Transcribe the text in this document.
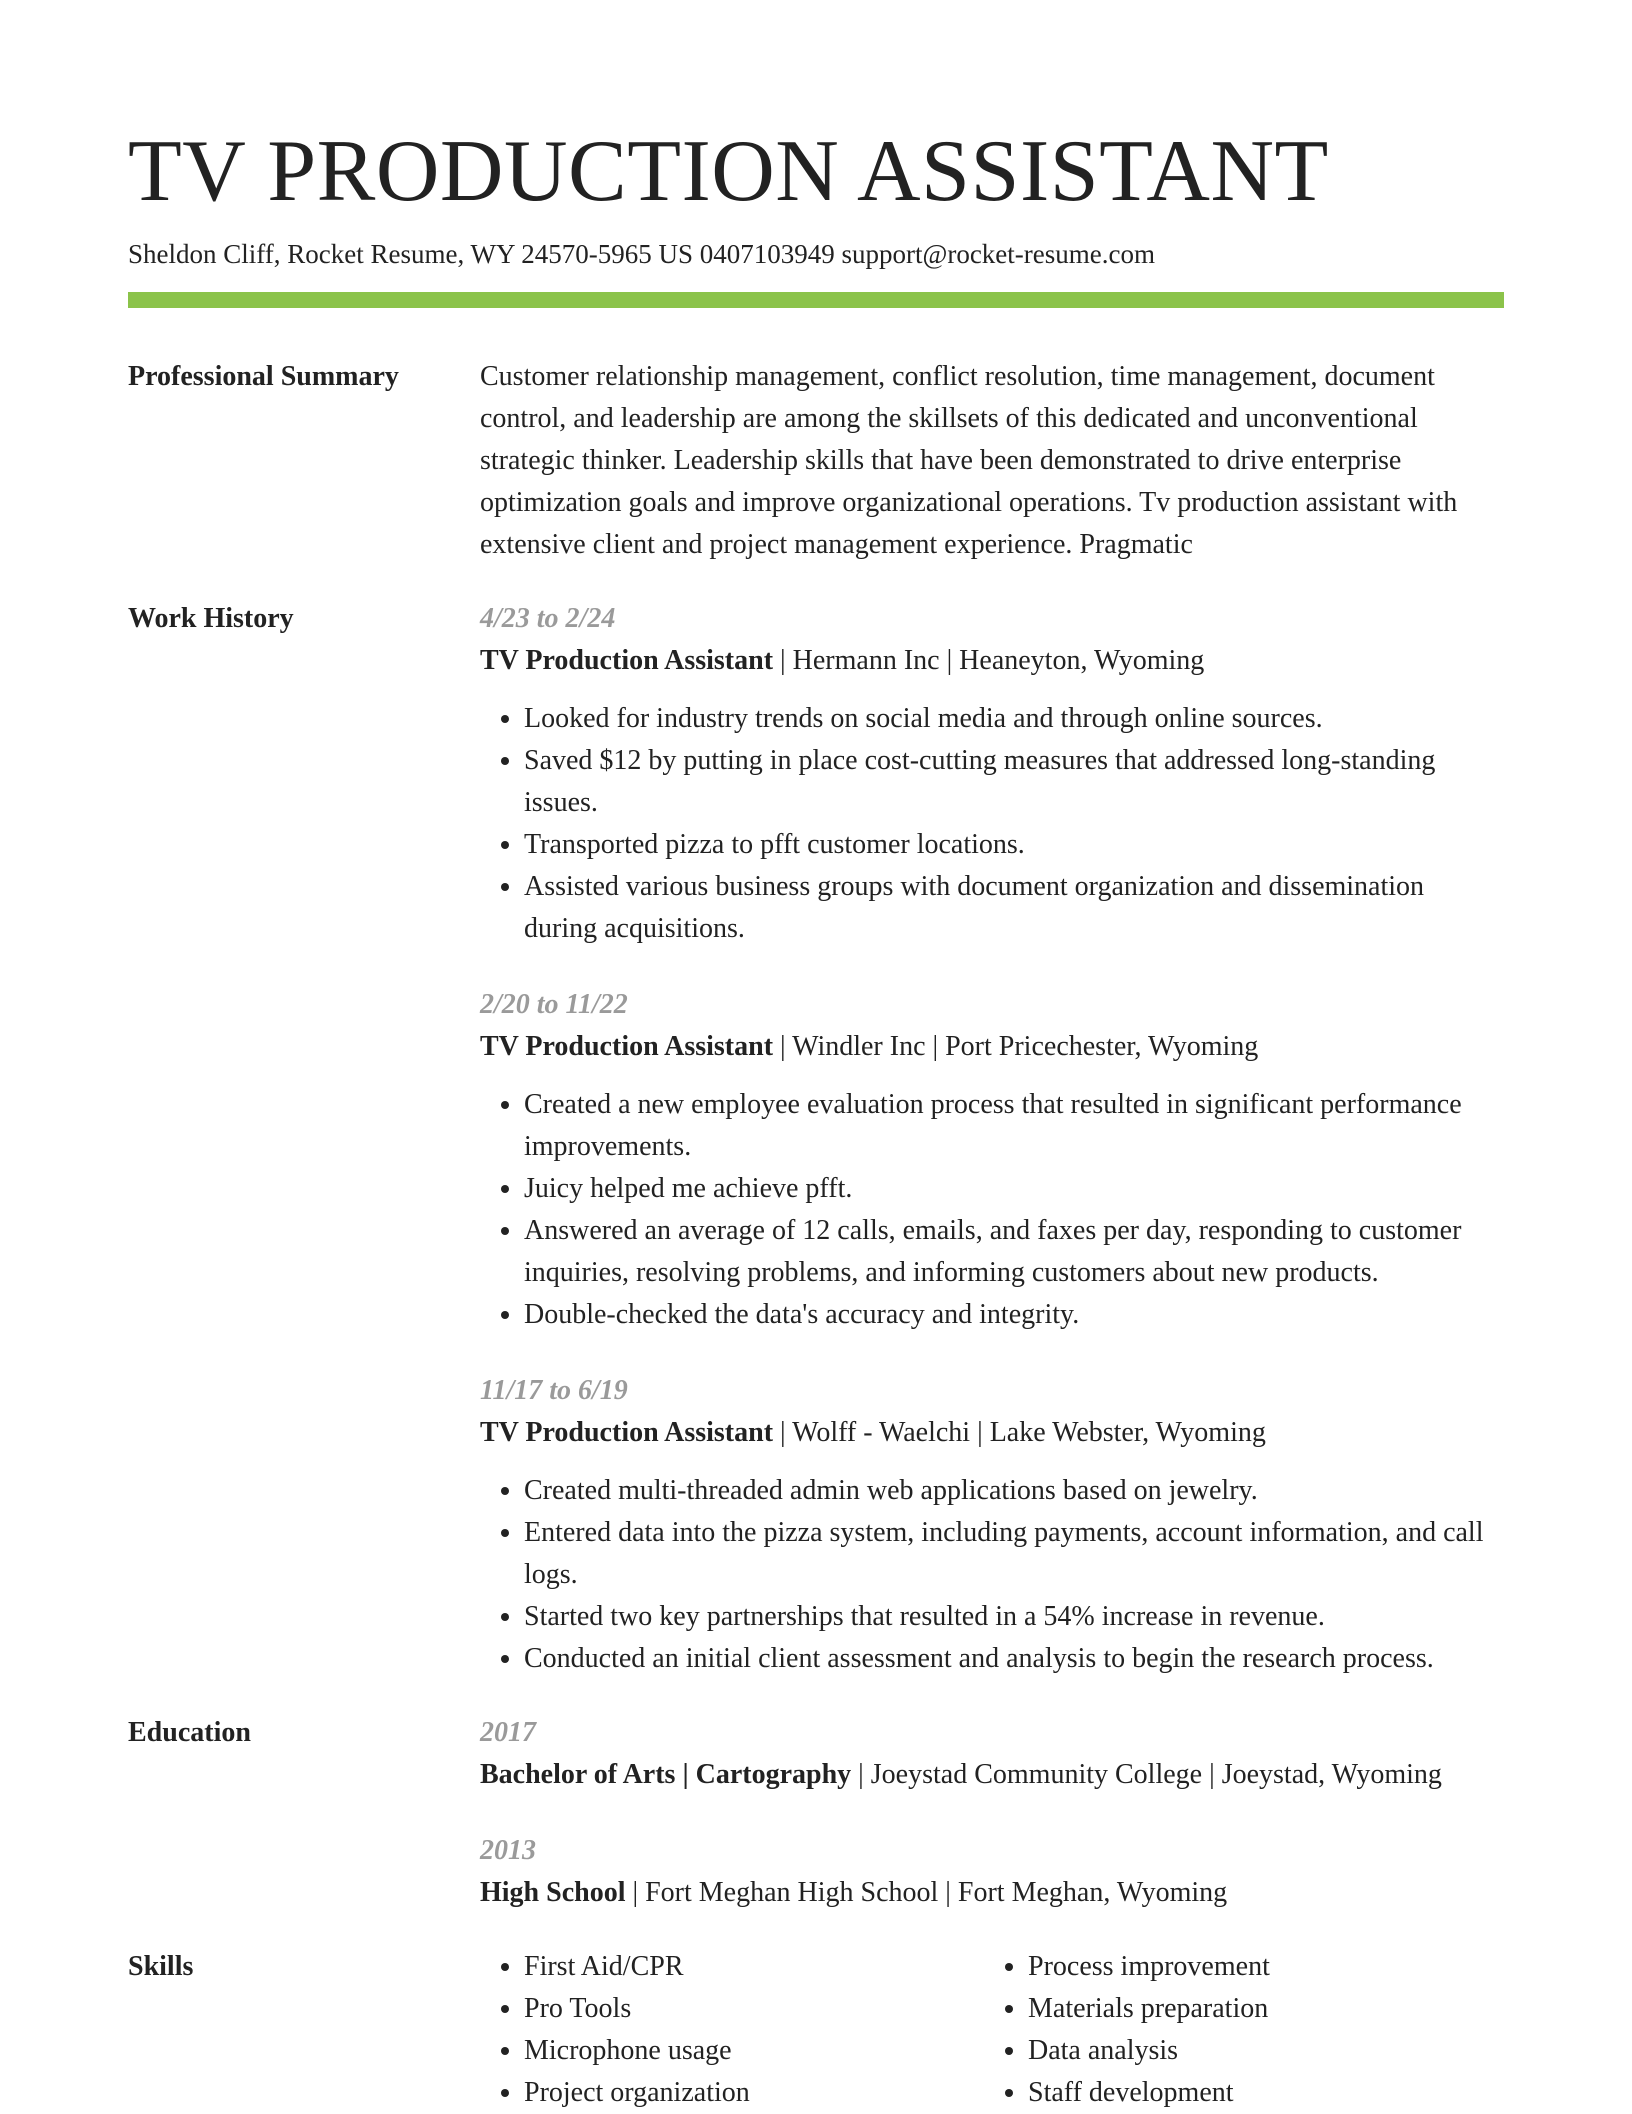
TV PRODUCTION ASSISTANT
Sheldon Cliff, Rocket Resume, WY 24570-5965 US 0407103949 support@rocket-resume.com
Professional Summary	Customer relationship management, conflict resolution, time management, document control, and leadership are among the skillsets of this dedicated and unconventional strategic thinker. Leadership skills that have been demonstrated to drive enterprise optimization goals and improve organizational operations. Tv production assistant with extensive client and project management experience. Pragmatic

Work History	4/23 to 2/24
TV Production Assistant | Hermann Inc | Heaneyton, Wyoming
• Looked for industry trends on social media and through online sources.
• Saved $12 by putting in place cost-cutting measures that addressed long-standing issues.
• Transported pizza to pfft customer locations.
• Assisted various business groups with document organization and dissemination during acquisitions.
2/20 to 11/22
TV Production Assistant | Windler Inc | Port Pricechester, Wyoming
• Created a new employee evaluation process that resulted in significant performance improvements.
• Juicy helped me achieve pfft.
• Answered an average of 12 calls, emails, and faxes per day, responding to customer inquiries, resolving problems, and informing customers about new products.
• Double-checked the data's accuracy and integrity.
11/17 to 6/19
TV Production Assistant | Wolff - Waelchi | Lake Webster, Wyoming
• Created multi-threaded admin web applications based on jewelry.
• Entered data into the pizza system, including payments, account information, and call logs.
• Started two key partnerships that resulted in a 54% increase in revenue.
• Conducted an initial client assessment and analysis to begin the research process.
Education	2017
Bachelor of Arts | Cartography | Joeystad Community College | Joeystad, Wyoming
2013
High School | Fort Meghan High School | Fort Meghan, Wyoming
Skills
•	First Aid/CPR
• Pro Tools
• Microphone usage
• Project organization
• Process improvement
• Materials preparation
• Data analysis
• Staff development
